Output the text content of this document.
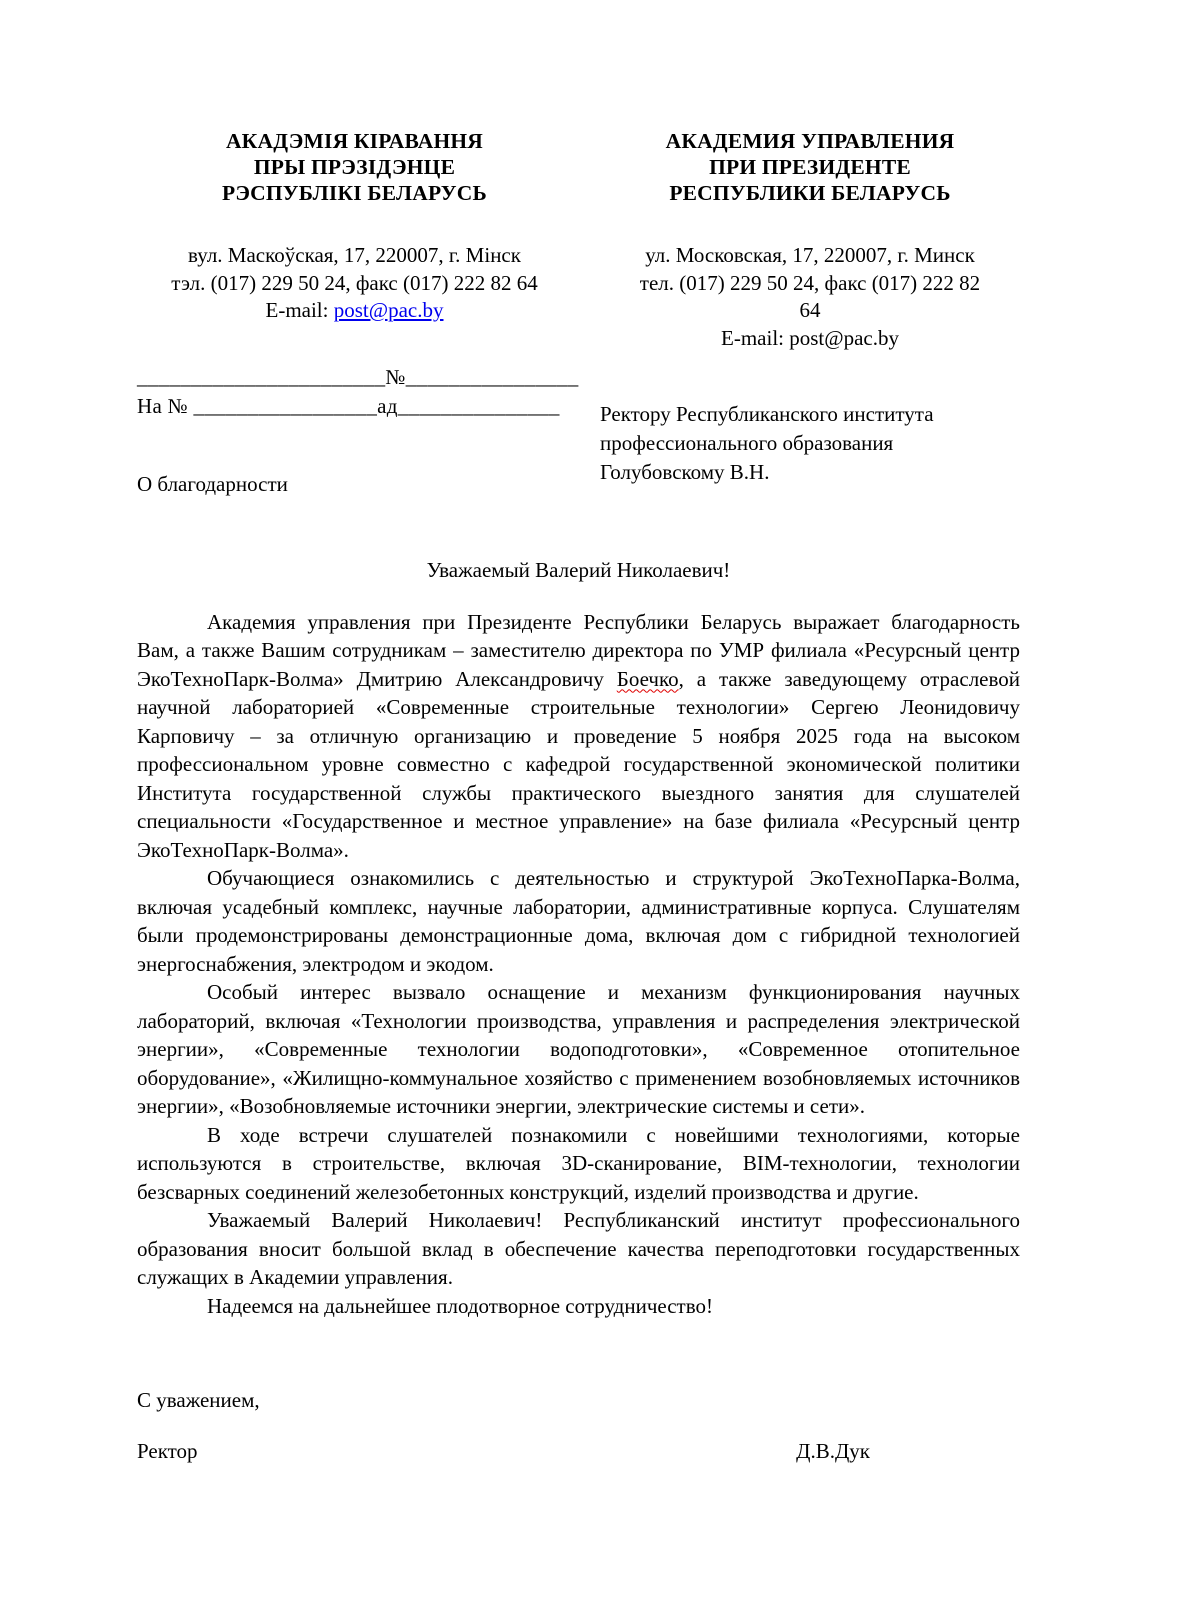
АКАДЭМІЯ КІРАВАННЯ
ПРЫ ПРЭЗІДЭНЦЕ
РЭСПУБЛІКІ БЕЛАРУСЬ
вул. Маскоўская, 17, 220007, г. Мінск
тэл. (017) 229 50 24, факс (017) 222 82 64
E-mail: post@pac.by
_______________________№________________
На № _________________ад_______________
О благодарности
АКАДЕМИЯ УПРАВЛЕНИЯ
ПРИ ПРЕЗИДЕНТЕ
РЕСПУБЛИКИ БЕЛАРУСЬ
ул. Московская, 17, 220007, г. Минск
тел. (017) 229 50 24, факс (017) 222 82
64
E-mail: post@pac.by
Ректору Республиканского института
профессионального образования
Голубовскому В.Н.
Уважаемый Валерий Николаевич!

Академия управления при Президенте Республики Беларусь выражает благодарность Вам, а также Вашим сотрудникам – заместителю директора по УМР филиала «Ресурсный центр ЭкоТехноПарк-Волма» Дмитрию Александровичу Боечко, а также заведующему отраслевой научной лабораторией «Современные строительные технологии» Сергею Леонидовичу Карповичу – за отличную организацию и проведение 5 ноября 2025 года на высоком профессиональном уровне совместно с кафедрой государственной экономической политики Института государственной службы практического выездного занятия для слушателей специальности «Государственное и местное управление» на базе филиала «Ресурсный центр ЭкоТехноПарк-Волма».

Обучающиеся ознакомились с деятельностью и структурой ЭкоТехноПарка-Волма, включая усадебный комплекс, научные лаборатории, административные корпуса. Слушателям были продемонстрированы демонстрационные дома, включая дом с гибридной технологией энергоснабжения, электродом и экодом.

Особый интерес вызвало оснащение и механизм функционирования научных лабораторий, включая «Технологии производства, управления и распределения электрической энергии», «Современные технологии водоподготовки», «Современное отопительное оборудование», «Жилищно-коммунальное хозяйство с применением возобновляемых источников энергии», «Возобновляемые источники энергии, электрические системы и сети».

В ходе встречи слушателей познакомили с новейшими технологиями, которые используются в строительстве, включая 3D-сканирование, BIM-технологии, технологии безсварных соединений железобетонных конструкций, изделий производства и другие.

Уважаемый Валерий Николаевич! Республиканский институт профессионального образования вносит большой вклад в обеспечение качества переподготовки государственных служащих в Академии управления.

Надеемся на дальнейшее плодотворное сотрудничество!

С уважением,
Ректор	Д.В.Дук
